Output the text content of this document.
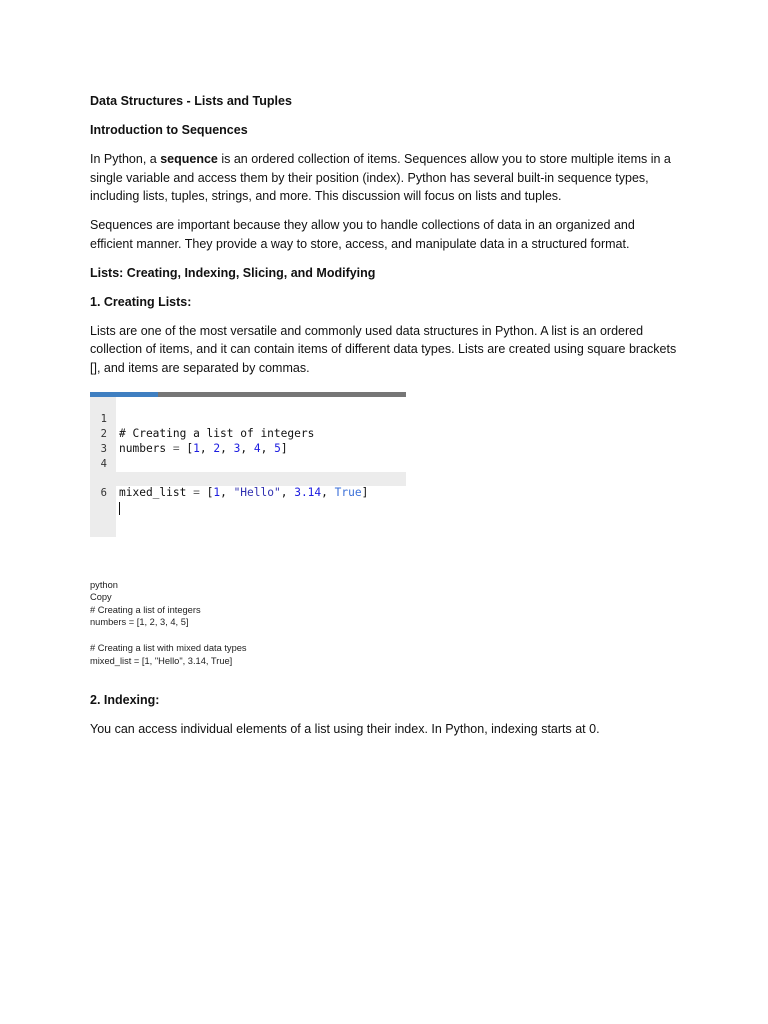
Data Structures - Lists and Tuples
Introduction to Sequences
In Python, a sequence is an ordered collection of items. Sequences allow you to store multiple items in a single variable and access them by their position (index). Python has several built-in sequence types, including lists, tuples, strings, and more. This discussion will focus on lists and tuples.
Sequences are important because they allow you to handle collections of data in an organized and efficient manner. They provide a way to store, access, and manipulate data in a structured format.
Lists: Creating, Indexing, Slicing, and Modifying
1. Creating Lists:
Lists are one of the most versatile and commonly used data structures in Python. A list is an ordered collection of items, and it can contain items of different data types. Lists are created using square brackets [], and items are separated by commas.

1

# Creating a list of integers

2

numbers = [1, 2, 3, 4, 5]

3

4

mixed_list = [1, "Hello", 3.14, True]

6

python
Copy
# Creating a list of integers
numbers = [1, 2, 3, 4, 5]
# Creating a list with mixed data types
mixed_list = [1, "Hello", 3.14, True]
2. Indexing:
You can access individual elements of a list using their index. In Python, indexing starts at 0.
